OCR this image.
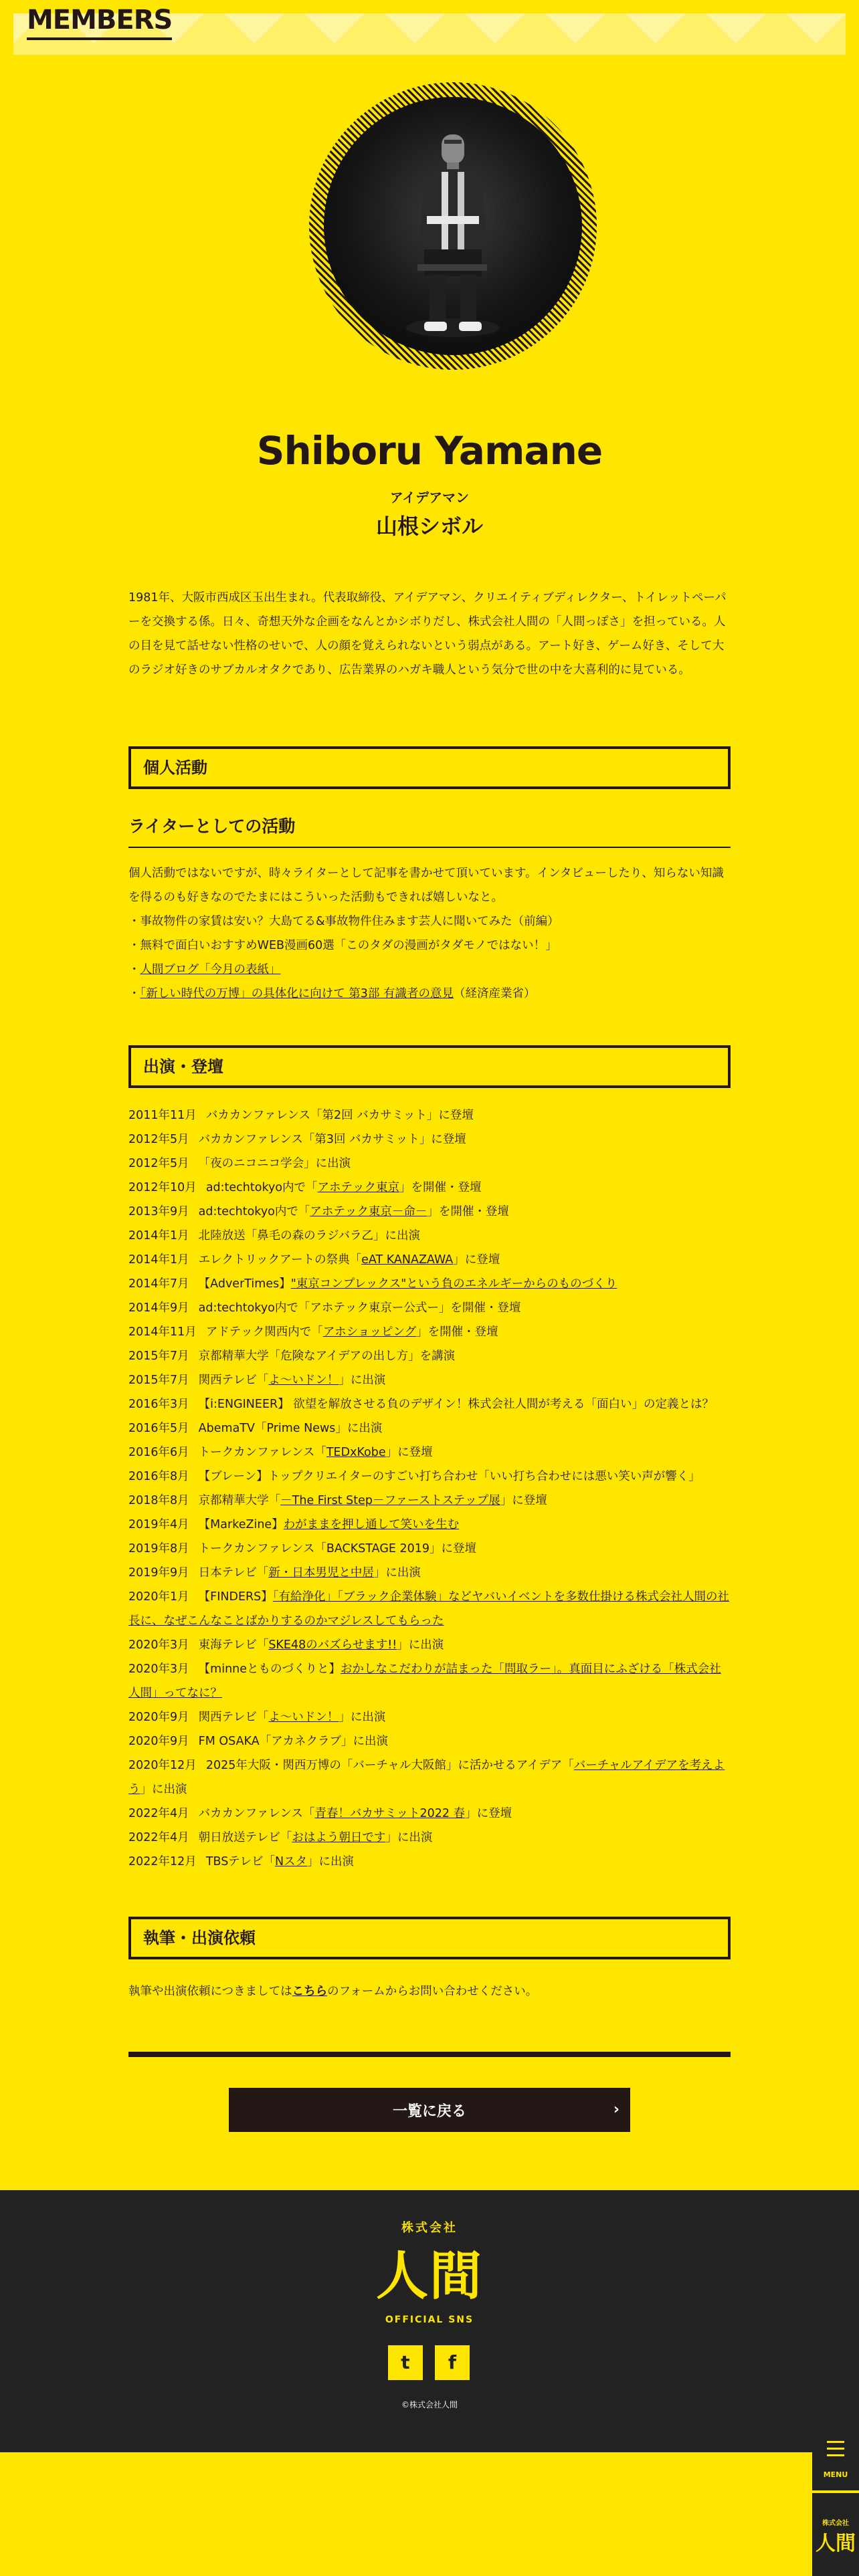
MEMBERS
Shiboru Yamane
アイデアマン
山根シボル
1981年、大阪市西成区玉出生まれ。代表取締役、アイデアマン、クリエイティブディレクター、トイレットペーパーを交換する係。日々、奇想天外な企画をなんとかシボりだし、株式会社人間の「人間っぽさ」を担っている。人の目を見て話せない性格のせいで、人の顔を覚えられないという弱点がある。アート好き、ゲーム好き、そして大のラジオ好きのサブカルオタクであり、広告業界のハガキ職人という気分で世の中を大喜利的に見ている。
個人活動
ライターとしての活動

個人活動ではないですが、時々ライターとして記事を書かせて頂いています。インタビューしたり、知らない知識を得るのも好きなのでたまにはこういった活動もできれば嬉しいなと。

・事故物件の家賃は安い？大島てる&事故物件住みます芸人に聞いてみた（前編）

・無料で面白いおすすめWEB漫画60選「このタダの漫画がタダモノではない！」

・人間ブログ「今月の表紙」

・「新しい時代の万博」の具体化に向けて 第3部 有識者の意見（経済産業省）

出演・登壇

2011年11月 バカカンファレンス「第2回 バカサミット」に登壇

2012年5月 バカカンファレンス「第3回 バカサミット」に登壇

2012年5月 「夜のニコニコ学会」に出演

2012年10月 ad:techtokyo内で「アホテック東京」を開催・登壇

2013年9月 ad:techtokyo内で「アホテック東京－命－」を開催・登壇

2014年1月 北陸放送「鼻毛の森のラジバラ乙」に出演

2014年1月 エレクトリックアートの祭典「eAT KANAZAWA」に登壇

2014年7月 【AdverTimes】"東京コンプレックス"という負のエネルギーからのものづくり

2014年9月 ad:techtokyo内で「アホテック東京ー公式ー」を開催・登壇

2014年11月 アドテック関西内で「アホショッピング」を開催・登壇

2015年7月 京都精華大学「危険なアイデアの出し方」を講演

2015年7月 関西テレビ「よ〜いドン！」に出演

2016年3月 【i:ENGINEER】 欲望を解放させる負のデザイン！株式会社人間が考える「面白い」の定義とは？

2016年5月 AbemaTV「Prime News」に出演

2016年6月 トークカンファレンス「TEDxKobe」に登壇

2016年8月 【ブレーン】トップクリエイターのすごい打ち合わせ「いい打ち合わせには悪い笑い声が響く」

2018年8月 京都精華大学「－The First Step－ファーストステップ展」に登壇

2019年4月 【MarkeZine】わがままを押し通して笑いを生む

2019年8月 トークカンファレンス「BACKSTAGE 2019」に登壇

2019年9月 日本テレビ「新・日本男児と中居」に出演

2020年1月 【FINDERS】「有給浄化」「ブラック企業体験」などヤバいイベントを多数仕掛ける株式会社人間の社長に、なぜこんなことばかりするのかマジレスしてもらった

2020年3月 東海テレビ「SKE48のバズらせます!!」に出演

2020年3月 【minneとものづくりと】おかしなこだわりが詰まった「問取ラー」。真面目にふざける「株式会社人間」ってなに？

2020年9月 関西テレビ「よ〜いドン！」に出演

2020年9月 FM OSAKA「アカネクラブ」に出演

2020年12月 2025年大阪・関西万博の「バーチャル大阪館」に活かせるアイデア「バーチャルアイデアを考えよう」に出演

2022年4月 バカカンファレンス「青春！バカサミット2022 春」に登壇

2022年4月 朝日放送テレビ「おはよう朝日です」に出演

2022年12月 TBSテレビ「Nスタ」に出演

執筆・出演依頼
執筆や出演依頼につきましてはこちらのフォームからお問い合わせください。
一覧に戻る	›
株式会社
人間
OFFICIAL SNS
t	f
©株式会社人間
MENU
株式会社
人間
